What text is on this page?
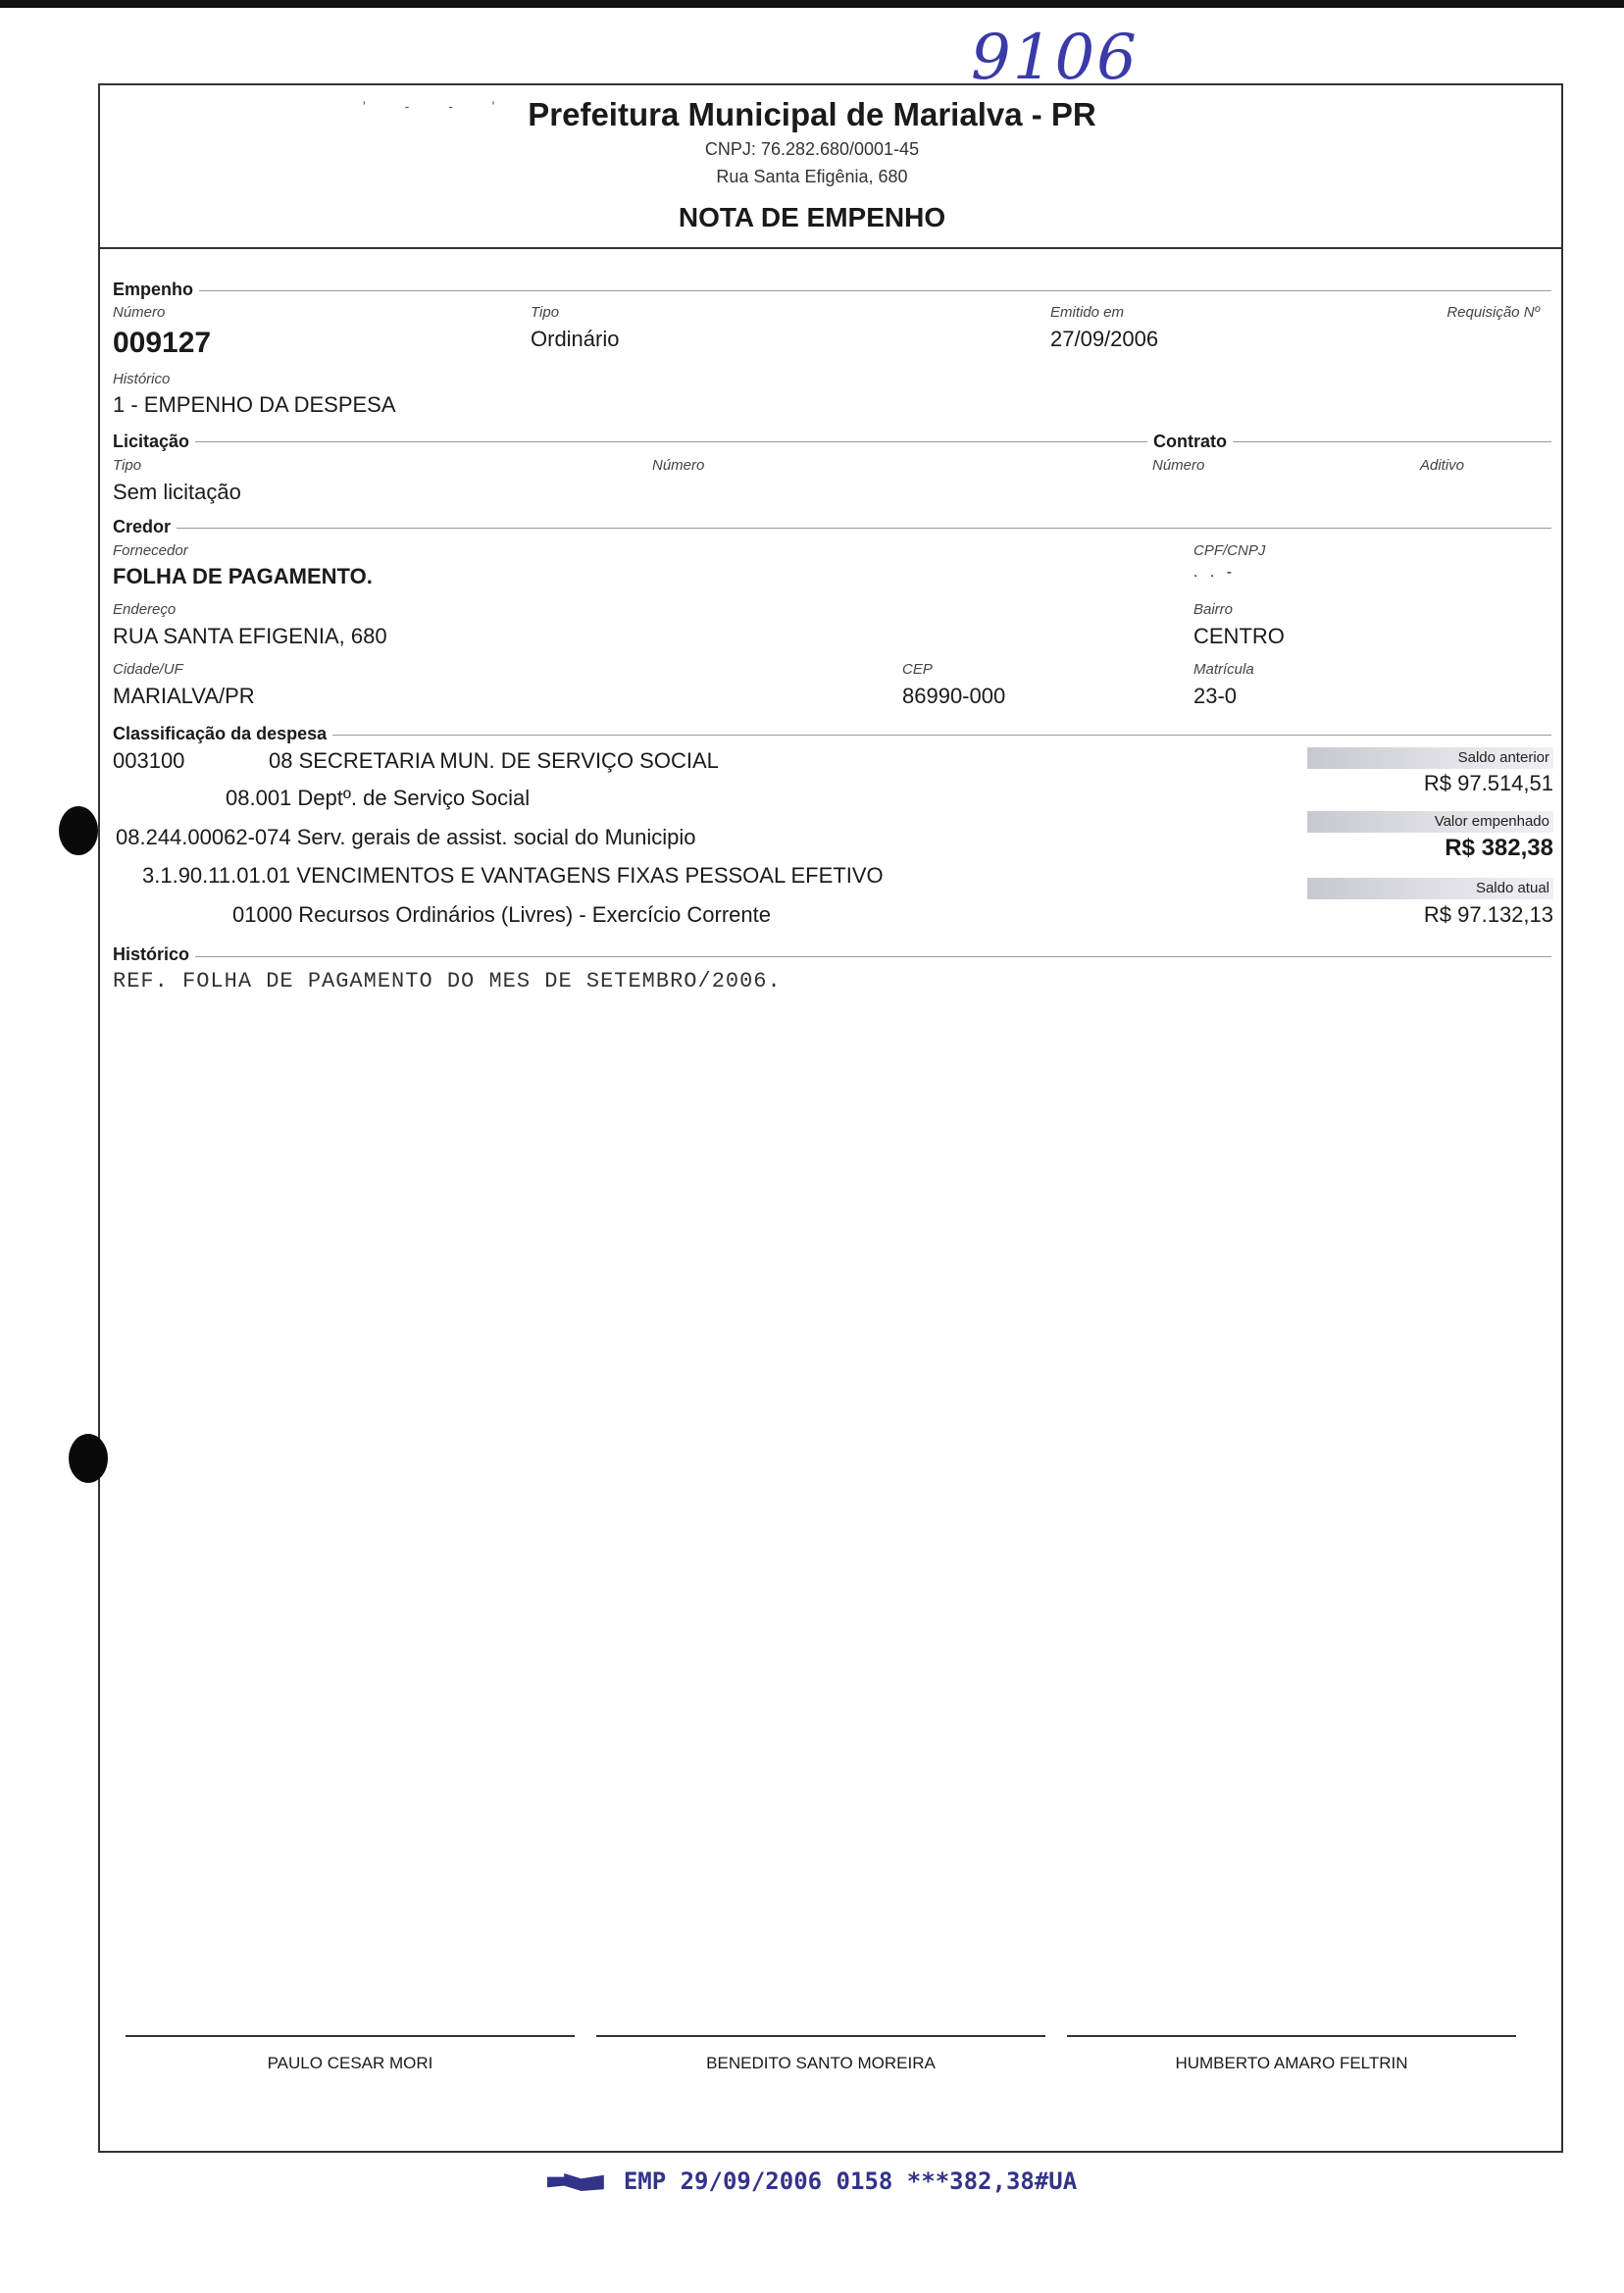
9106
' - - ' Prefeitura Municipal de Marialva - PR
CNPJ: 76.282.680/0001-45
Rua Santa Efigênia, 680
NOTA DE EMPENHO
Empenho
Número
009127
Tipo
Ordinário
Emitido em
27/09/2006
Requisição Nº
Histórico
1 - EMPENHO DA DESPESA
Licitação	Contrato
Tipo
Sem licitação
Número	Número	Aditivo
Credor
Fornecedor
FOLHA DE PAGAMENTO.
CPF/CNPJ
. . -
Endereço
RUA SANTA EFIGENIA, 680
Bairro
CENTRO
Cidade/UF
MARIALVA/PR
CEP
86990-000
Matrícula
23-0
Classificação da despesa
003100	08 SECRETARIA MUN. DE SERVIÇO SOCIAL
08.001 Deptº. de Serviço Social
08.244.00062-074 Serv. gerais de assist. social do Municipio
3.1.90.11.01.01 VENCIMENTOS E VANTAGENS FIXAS PESSOAL EFETIVO
01000 Recursos Ordinários (Livres) - Exercício Corrente
Saldo anterior
R$ 97.514,51
Valor empenhado
R$ 382,38
Saldo atual
R$ 97.132,13
Histórico
REF. FOLHA DE PAGAMENTO DO MES DE SETEMBRO/2006.
PAULO CESAR MORI	BENEDITO SANTO MOREIRA	HUMBERTO AMARO FELTRIN
EMP 29/09/2006 0158 ***382,38#UA
